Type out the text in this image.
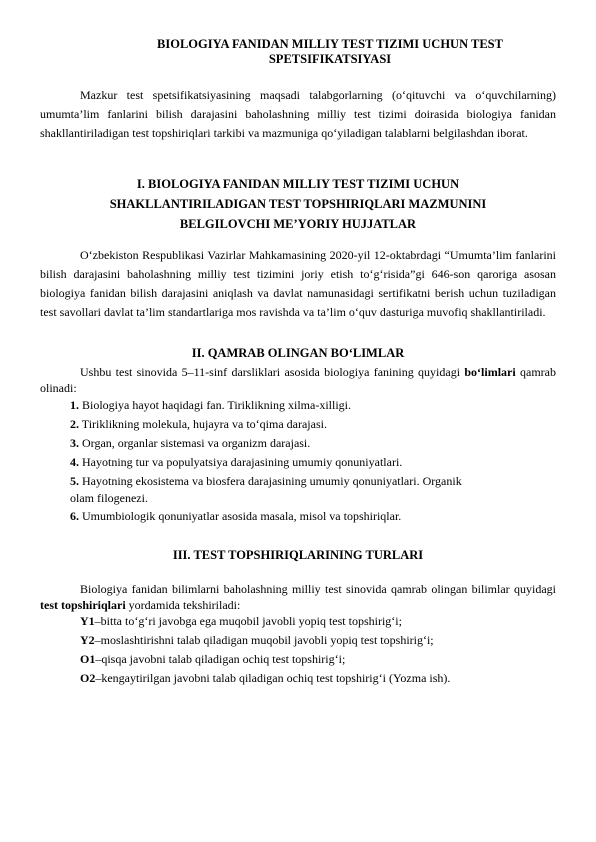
BIOLOGIYA FANIDAN MILLIY TEST TIZIMI UCHUN TEST
SPETSIFIKATSIYASI

Mazkur test spetsifikatsiyasining maqsadi talabgorlarning (o‘qituvchi va o‘quvchilarning) umumta’lim fanlarini bilish darajasini baholashning milliy test tizimi doirasida biologiya fanidan shakllantiriladigan test topshiriqlari tarkibi va mazmuniga qo‘yiladigan talablarni belgilashdan iborat.

I. BIOLOGIYA FANIDAN MILLIY TEST TIZIMI UCHUN
SHAKLLANTIRILADIGAN TEST TOPSHIRIQLARI MAZMUNINI
BELGILOVCHI ME’YORIY HUJJATLAR

O‘zbekiston Respublikasi Vazirlar Mahkamasining 2020-yil 12-oktabrdagi “Umumta’lim fanlarini bilish darajasini baholashning milliy test tizimini joriy etish to‘g‘risida”gi 646-son qaroriga asosan biologiya fanidan bilish darajasini aniqlash va davlat namunasidagi sertifikatni berish uchun tuziladigan test savollari davlat ta’lim standartlariga mos ravishda va ta’lim o‘quv dasturiga muvofiq shakllantiriladi.

II. QAMRAB OLINGAN BO‘LIMLAR

Ushbu test sinovida 5–11-sinf darsliklari asosida biologiya fanining quyidagi bo‘limlari qamrab olinadi:

1. Biologiya hayot haqidagi fan. Tiriklikning xilma-xilligi.

2. Tiriklikning molekula, hujayra va to‘qima darajasi.

3. Organ, organlar sistemasi va organizm darajasi.

4. Hayotning tur va populyatsiya darajasining umumiy qonuniyatlari.

5. Hayotning ekosistema va biosfera darajasining umumiy qonuniyatlari. Organik
olam filogenezi.

6. Umumbiologik qonuniyatlar asosida masala, misol va topshiriqlar.

III. TEST TOPSHIRIQLARINING TURLARI

Biologiya fanidan bilimlarni baholashning milliy test sinovida qamrab olingan bilimlar quyidagi test topshiriqlari yordamida tekshiriladi:

Y1–bitta to‘g‘ri javobga ega muqobil javobli yopiq test topshirig‘i;

Y2–moslashtirishni talab qiladigan muqobil javobli yopiq test topshirig‘i;

O1–qisqa javobni talab qiladigan ochiq test topshirig‘i;

O2–kengaytirilgan javobni talab qiladigan ochiq test topshirig‘i (Yozma ish).
